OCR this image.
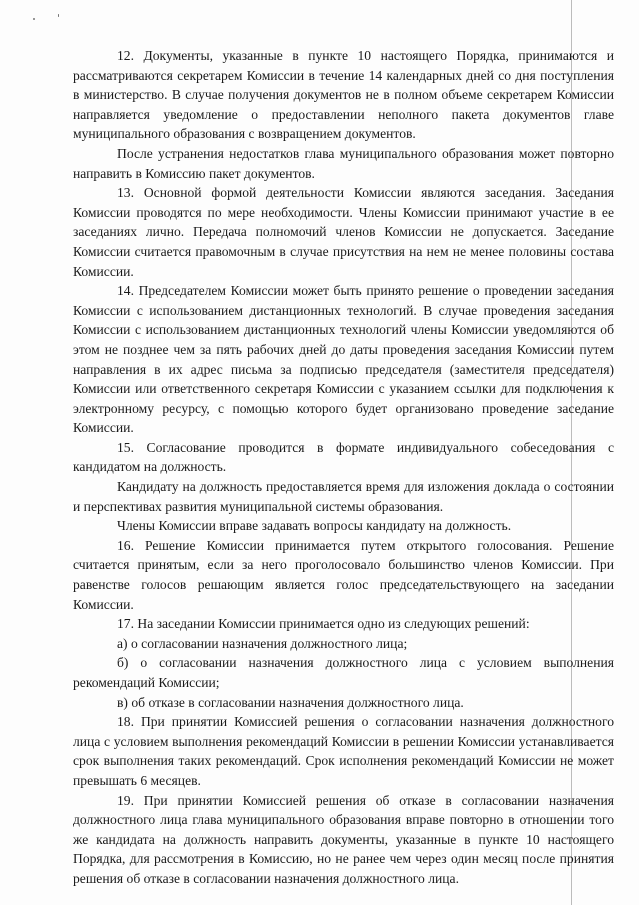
12. Документы, указанные в пункте 10 настоящего Порядка, принимаются и рассматриваются секретарем Комиссии в течение 14 календарных дней со дня поступления в министерство. В случае получения документов не в полном объеме секретарем Комиссии направляется уведомление о предоставлении неполного пакета документов главе муниципального образования с возвращением документов.

После устранения недостатков глава муниципального образования может повторно направить в Комиссию пакет документов.

13. Основной формой деятельности Комиссии являются заседания. Заседания Комиссии проводятся по мере необходимости. Члены Комиссии принимают участие в ее заседаниях лично. Передача полномочий членов Комиссии не допускается. Заседание Комиссии считается правомочным в случае присутствия на нем не менее половины состава Комиссии.

14. Председателем Комиссии может быть принято решение о проведении заседания Комиссии с использованием дистанционных технологий. В случае проведения заседания Комиссии с использованием дистанционных технологий члены Комиссии уведомляются об этом не позднее чем за пять рабочих дней до даты проведения заседания Комиссии путем направления в их адрес письма за подписью председателя (заместителя председателя) Комиссии или ответственного секретаря Комиссии с указанием ссылки для подключения к электронному ресурсу, с помощью которого будет организовано проведение заседание Комиссии.

15. Согласование проводится в формате индивидуального собеседования с кандидатом на должность.

Кандидату на должность предоставляется время для изложения доклада о состоянии и перспективах развития муниципальной системы образования.

Члены Комиссии вправе задавать вопросы кандидату на должность.

16. Решение Комиссии принимается путем открытого голосования. Решение считается принятым, если за него проголосовало большинство членов Комиссии. При равенстве голосов решающим является голос председательствующего на заседании Комиссии.

17. На заседании Комиссии принимается одно из следующих решений:

а) о согласовании назначения должностного лица;

б) о согласовании назначения должностного лица с условием выполнения рекомендаций Комиссии;

в) об отказе в согласовании назначения должностного лица.

18. При принятии Комиссией решения о согласовании назначения должностного лица с условием выполнения рекомендаций Комиссии в решении Комиссии устанавливается срок выполнения таких рекомендаций. Срок исполнения рекомендаций Комиссии не может превышать 6 месяцев.

19. При принятии Комиссией решения об отказе в согласовании назначения должностного лица глава муниципального образования вправе повторно в отношении того же кандидата на должность направить документы, указанные в пункте 10 настоящего Порядка, для рассмотрения в Комиссию, но не ранее чем через один месяц после принятия решения об отказе в согласовании назначения должностного лица.
